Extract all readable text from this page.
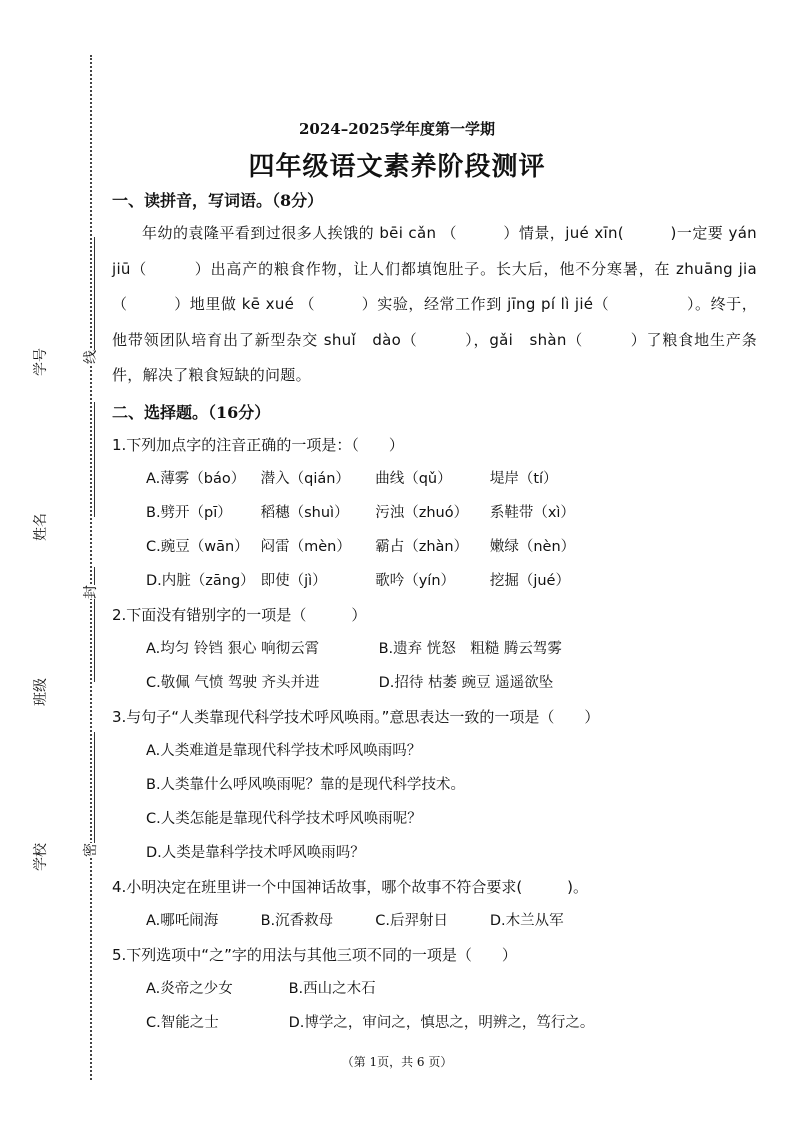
学号
姓名
班级
学校
线
封
密
2024–2025学年度第一学期
四年级语文素养阶段测评
一、读拼音，写词语。（8分）

年幼的袁隆平看到过很多人挨饿的 bēi cǎn （　　　）情景，jué xīn(　　　)一定要 yán jiū（　　　）出高产的粮食作物，让人们都填饱肚子。长大后，他不分寒暑，在 zhuāng jia（　　　）地里做 kē xué （　　　）实验，经常工作到 jīng pí lì jié（　　　　　）。终于，他带领团队培育出了新型杂交 shuǐ　dào（　　　），gǎi　shàn（　　　）了粮食地生产条件，解决了粮食短缺的问题。

二、选择题。（16分）
1.下列加点字的注音正确的一项是：（　　）
A.薄雾（báo） 潜入（qián） 曲线（qǔ）	堤岸（tí）
B.劈开（pī） 稻穗（shuì） 污浊（zhuó） 系鞋带（xì）
C.豌豆（wān） 闷雷（mèn） 霸占（zhàn） 嫩绿（nèn）
D.内脏（zāng） 即使（jì）	歌吟（yín） 挖掘（jué）
2.下面没有错别字的一项是（　　　）
A.均匀 铃铛 狠心 响彻云霄	B.遗弃 恍怒　粗糙 腾云驾雾
C.敬佩 气愤 驾驶 齐头并进	D.招待 枯萎 豌豆 遥遥欲坠
3.与句子“人类靠现代科学技术呼风唤雨。”意思表达一致的一项是（　　）
A.人类难道是靠现代科学技术呼风唤雨吗？
B.人类靠什么呼风唤雨呢？靠的是现代科学技术。
C.人类怎能是靠现代科学技术呼风唤雨呢？
D.人类是靠科学技术呼风唤雨吗？
4.小明决定在班里讲一个中国神话故事，哪个故事不符合要求(　　　)。
A.哪吒闹海	B.沉香救母	C.后羿射日	D.木兰从军
5.下列选项中“之”字的用法与其他三项不同的一项是（　　）
A.炎帝之少女	B.西山之木石
C.智能之士	D.博学之，审问之，慎思之，明辨之，笃行之。
（第 1页，共 6 页）
